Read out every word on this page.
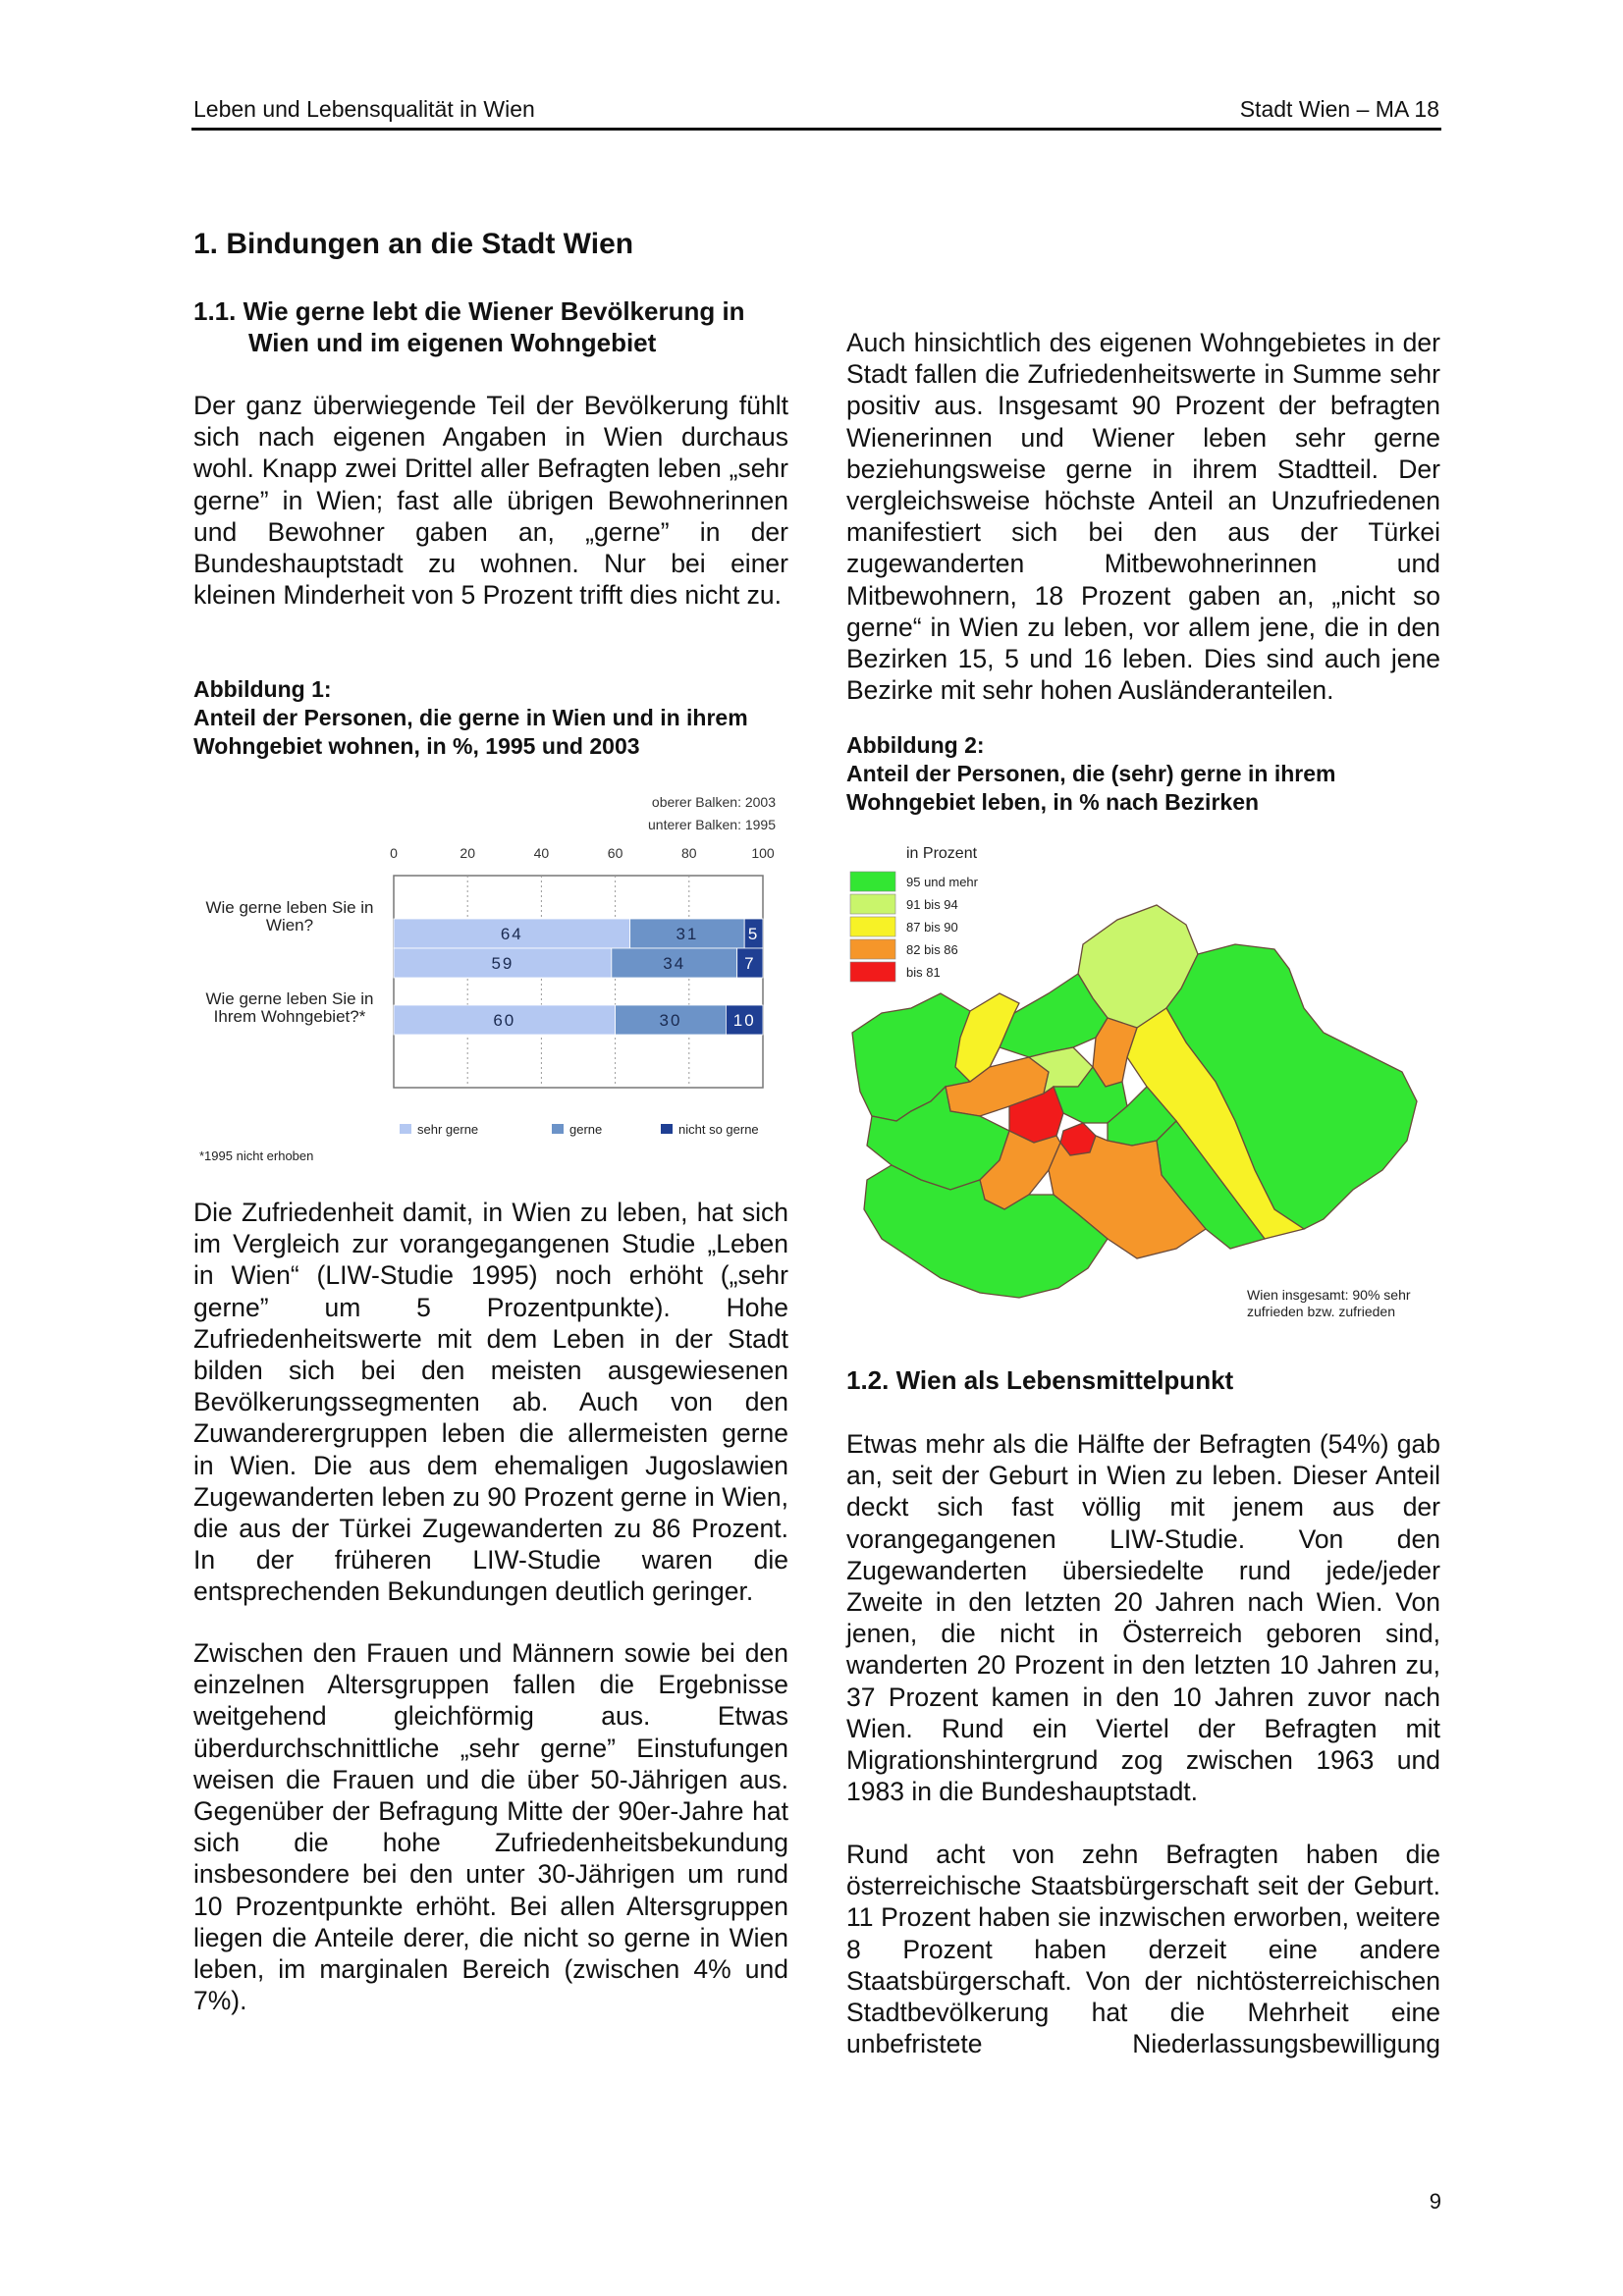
Leben und Lebensqualität in Wien	Stadt Wien – MA 18
1. Bindungen an die Stadt Wien
1.1. Wie gerne lebt die Wiener Bevölkerung in
Wien und im eigenen Wohngebiet
Der ganz überwiegende Teil der Bevölkerung fühlt sich nach eigenen Angaben in Wien durchaus wohl. Knapp zwei Drittel aller Befragten leben „sehr gerne” in Wien; fast alle übrigen Bewohnerinnen und Bewohner gaben an, „gerne” in der Bundeshauptstadt zu wohnen. Nur bei einer kleinen Minderheit von 5 Prozent trifft dies nicht zu.
Abbildung 1:
Anteil der Personen, die gerne in Wien und in ihrem Wohngebiet wohnen, in %, 1995 und 2003
oberer Balken: 2003
unterer Balken: 1995
0	20	40	60	80	100
64	31	5
59	34	7
60	30	10
Wie gerne leben Sie in
Wien?
Wie gerne leben Sie in
Ihrem Wohngebiet?*
sehr gerne	gerne	nicht so gerne
*1995 nicht erhoben
Die Zufriedenheit damit, in Wien zu leben, hat sich im Vergleich zur vorangegangenen Studie „Leben in Wien“ (LIW-Studie 1995) noch erhöht („sehr gerne” um 5 Prozentpunkte). Hohe Zufriedenheitswerte mit dem Leben in der Stadt bilden sich bei den meisten ausgewiesenen Bevölkerungssegmenten ab. Auch von den Zuwanderergruppen leben die allermeisten gerne in Wien. Die aus dem ehemaligen Jugoslawien Zugewanderten leben zu 90 Prozent gerne in Wien, die aus der Türkei Zugewanderten zu 86 Prozent. In der früheren LIW-Studie waren die entsprechenden Bekundungen deutlich geringer.
Zwischen den Frauen und Männern sowie bei den einzelnen Altersgruppen fallen die Ergebnisse weitgehend gleichförmig aus. Etwas überdurchschnittliche „sehr gerne” Einstufungen weisen die Frauen und die über 50-Jährigen aus. Gegenüber der Befragung Mitte der 90er-Jahre hat sich die hohe Zufriedenheitsbekundung insbesondere bei den unter 30-Jährigen um rund 10 Prozentpunkte erhöht. Bei allen Altersgruppen liegen die Anteile derer, die nicht so gerne in Wien leben, im marginalen Bereich (zwischen 4% und 7%).
Auch hinsichtlich des eigenen Wohngebietes in der Stadt fallen die Zufriedenheitswerte in Summe sehr positiv aus. Insgesamt 90 Prozent der befragten Wienerinnen und Wiener leben sehr gerne beziehungsweise gerne in ihrem Stadtteil. Der vergleichsweise höchste Anteil an Unzufriedenen manifestiert sich bei den aus der Türkei zugewanderten Mitbewohnerinnen und Mitbewohnern, 18 Prozent gaben an, „nicht so gerne“ in Wien zu leben, vor allem jene, die in den Bezirken 15, 5 und 16 leben. Dies sind auch jene Bezirke mit sehr hohen Ausländeranteilen.
Abbildung 2:
Anteil der Personen, die (sehr) gerne in ihrem Wohngebiet leben, in % nach Bezirken
in Prozent
95 und mehr
91 bis 94
87 bis 90
82 bis 86
bis 81
Wien insgesamt: 90% sehr
zufrieden bzw. zufrieden
1.2. Wien als Lebensmittelpunkt
Etwas mehr als die Hälfte der Befragten (54%) gab an, seit der Geburt in Wien zu leben. Dieser Anteil deckt sich fast völlig mit jenem aus der vorangegangenen LIW-Studie. Von den Zugewanderten übersiedelte rund jede/jeder Zweite in den letzten 20 Jahren nach Wien. Von jenen, die nicht in Österreich geboren sind, wanderten 20 Prozent in den letzten 10 Jahren zu, 37 Prozent kamen in den 10 Jahren zuvor nach Wien. Rund ein Viertel der Befragten mit Migrationshintergrund zog zwischen 1963 und 1983 in die Bundeshauptstadt.
Rund acht von zehn Befragten haben die österreichische Staatsbürgerschaft seit der Geburt. 11 Prozent haben sie inzwischen erworben, weitere 8 Prozent haben derzeit eine andere Staatsbürgerschaft. Von der nichtösterreichischen Stadtbevölkerung hat die Mehrheit eine unbefristete Niederlassungsbewilligung
9
